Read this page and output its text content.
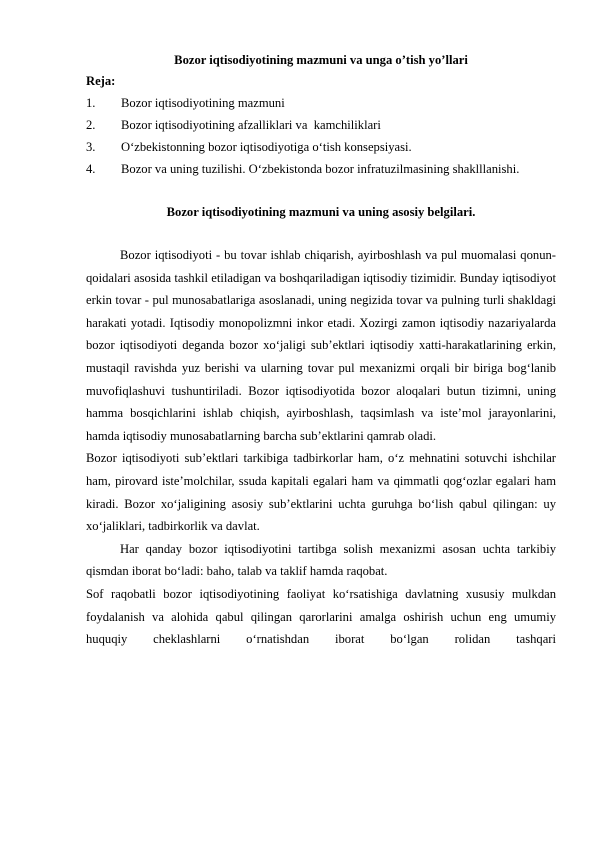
Bozor iqtisodiyotining mazmuni va unga o’tish yo’llari

Reja:

1.	Bozor iqtisodiyotining mazmuni
2.	Bozor iqtisodiyotining afzalliklari va  kamchiliklari
3.	O‘zbekistonning bozor iqtisodiyotiga o‘tish konsepsiyasi.
4. Bozor va uning tuzilishi. O‘zbekistonda bozor infratuzilmasining shaklllanishi.

Bozor iqtisodiyotining mazmuni va uning asosiy belgilari.

Bozor iqtisodiyoti - bu tovar ishlab chiqarish, ayirboshlash va pul muomalasi qonun-qoidalari asosida tashkil etiladigan va boshqariladigan iqtisodiy tizimidir. Bunday iqtisodiyot erkin tovar - pul munosabatlariga asoslanadi, uning negizida tovar va pulning turli shakldagi harakati yotadi. Iqtisodiy monopolizmni inkor etadi. Xozirgi zamon iqtisodiy nazariyalarda bozor iqtisodiyoti deganda bozor xo‘jaligi sub’ektlari iqtisodiy xatti-harakatlarining erkin, mustaqil ravishda yuz berishi va ularning tovar pul mexanizmi orqali bir biriga bog‘lanib muvofiqlashuvi tushuntiriladi. Bozor iqtisodiyotida bozor aloqalari butun tizimni, uning hamma bosqichlarini ishlab chiqish, ayirboshlash, taqsimlash va iste’mol jarayonlarini, hamda iqtisodiy munosabatlarning barcha sub’ektlarini qamrab oladi.

Bozor iqtisodiyoti sub’ektlari tarkibiga tadbirkorlar ham, o‘z mehnatini sotuvchi ishchilar ham, pirovard iste’molchilar, ssuda kapitali egalari ham va qimmatli qog‘ozlar egalari ham kiradi. Bozor xo‘jaligining asosiy sub’ektlarini uchta guruhga bo‘lish qabul qilingan: uy xo‘jaliklari, tadbirkorlik va davlat.

Har qanday bozor iqtisodiyotini tartibga solish mexanizmi asosan uchta tarkibiy qismdan iborat bo‘ladi: baho, talab va taklif hamda raqobat.

Sof raqobatli bozor iqtisodiyotining faoliyat ko‘rsatishiga davlatning xususiy mulkdan foydalanish va alohida qabul qilingan qarorlarini amalga oshirish uchun eng umumiy huquqiy cheklashlarni o‘rnatishdan iborat bo‘lgan rolidan tashqari
